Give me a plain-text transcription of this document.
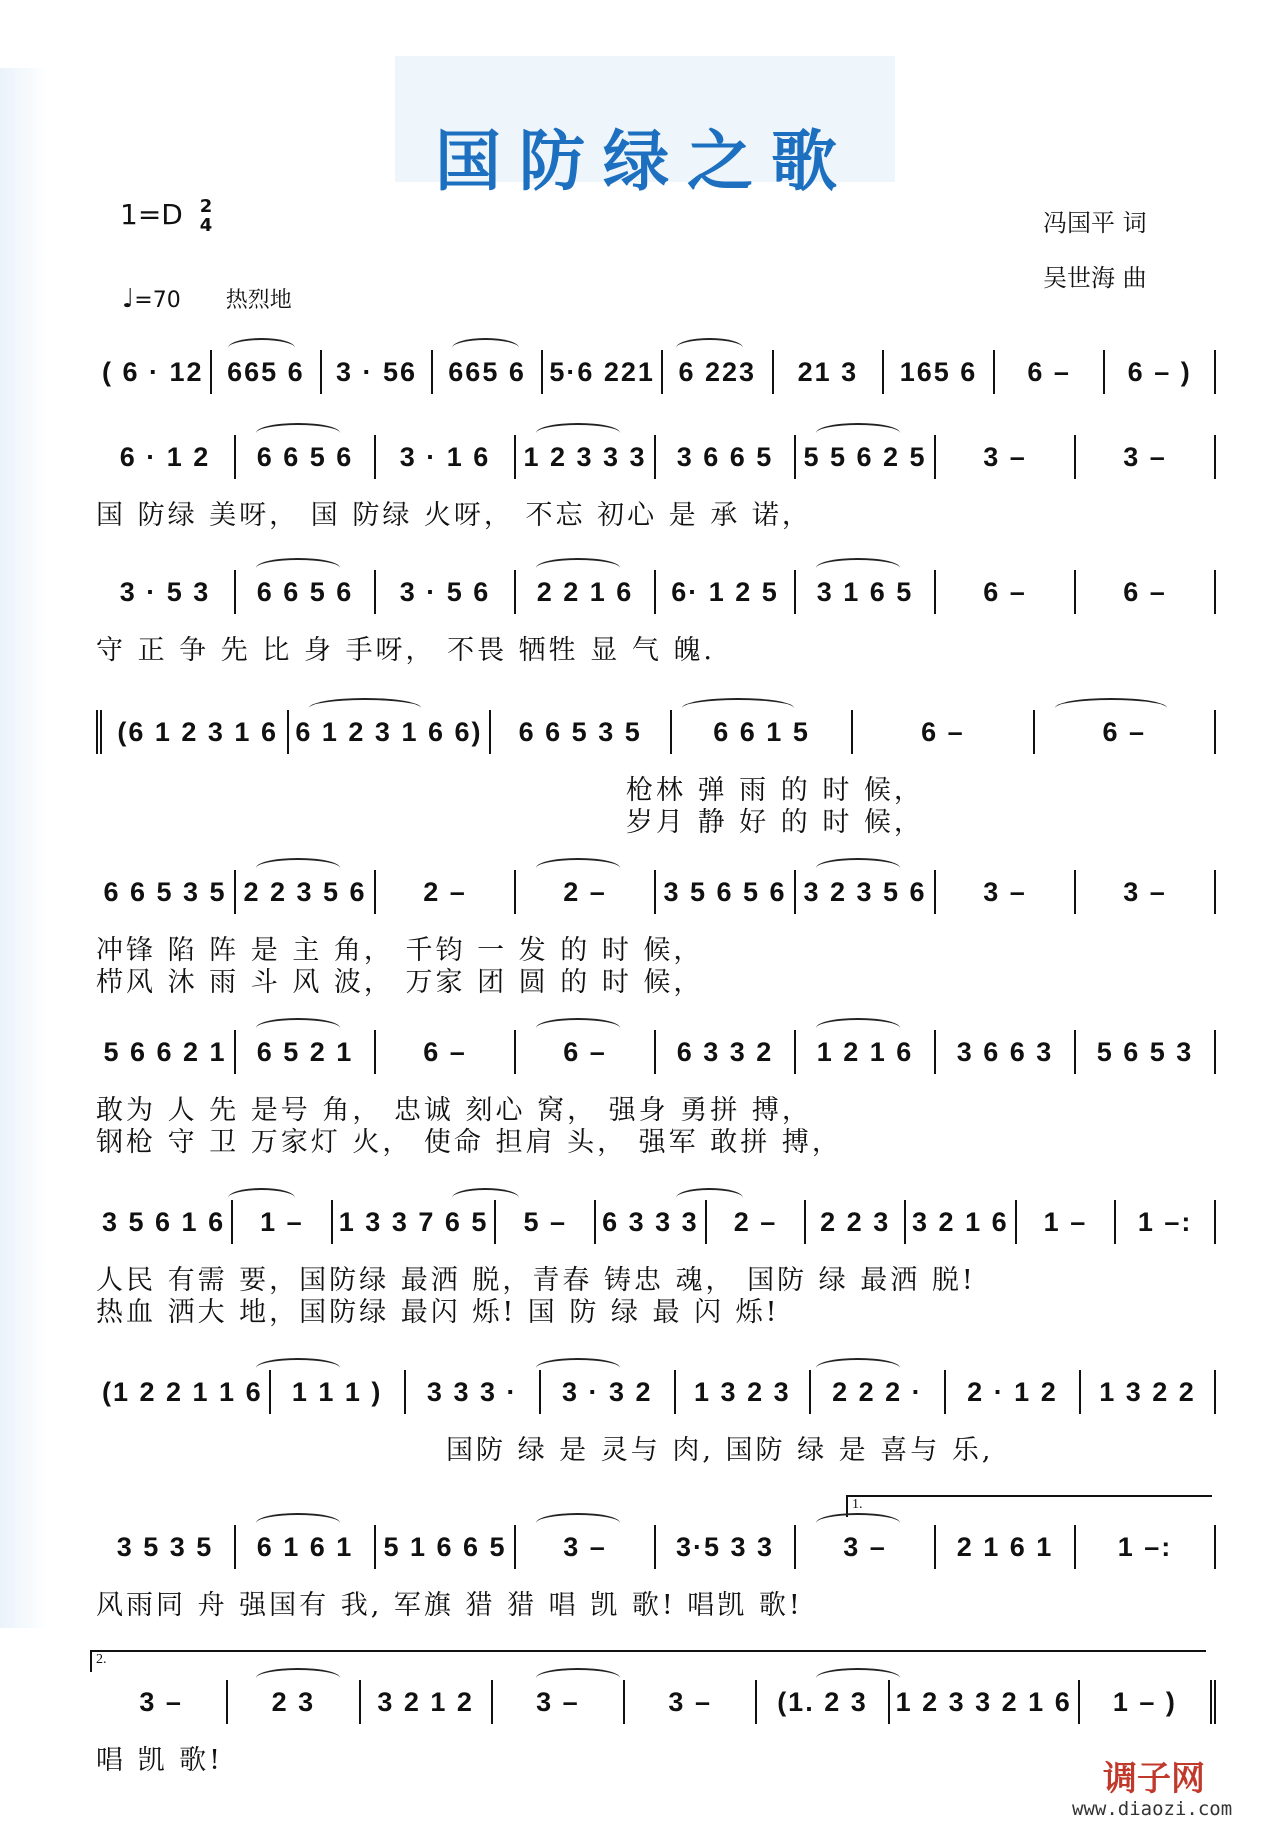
国防绿之歌
1=D 2
4
♩=70 热烈地
冯国平 词
吴世海 曲
( 6 · 12 665 6	3 · 56	665 6 5·6 221 6 223	21 3	165 6	6 –	6 – )
6 · 1 2	6 6 5 6	3 · 1 6	1 2 3 3 3	3 6 6 5	5 5 6 2 5	3 –	3 –
国 防绿 美呀， 国 防绿 火呀， 不忘 初心 是 承 诺，
3 · 5 3	6 6 5 6	3 · 5 6	2 2 1 6	6· 1 2 5	3 1 6 5	6 –	6 –
守 正 争 先 比 身 手呀， 不畏 牺牲 显 气 魄.
(6 1 2 3 1 6 6 1 2 3 1 6 6)	6 6 5 3 5	6 6 1 5	6 –	6 –
枪林 弹 雨 的 时 候，
岁月 静 好 的 时 候，
6 6 5 3 5 2 2 3 5 6	2 –	2 –	3 5 6 5 6 3 2 3 5 6	3 –	3 –
冲锋 陷 阵 是 主 角， 千钧 一 发 的 时 候，
栉风 沐 雨 斗 风 波， 万家 团 圆 的 时 候，
5 6 6 2 1	6 5 2 1	6 –	6 –	6 3 3 2	1 2 1 6	3 6 6 3	5 6 5 3
敢为 人 先 是号 角， 忠诚 刻心 窝， 强身 勇拼 搏，
钢枪 守 卫 万家灯 火， 使命 担肩 头， 强军 敢拼 搏，
3 5 6 1 6	1 –	1 3 3 7 6 5	5 –	6 3 3 3	2 –	2 2 3 3 2 1 6	1 –	1 –:
人民 有需 要，国防绿 最洒 脱，青春 铸忠 魂， 国防 绿 最洒 脱!
热血 洒大 地，国防绿 最闪 烁! 国 防 绿 最 闪 烁!
(1 2 2 1 1 6	1 1 1 )	3 3 3 ·	3 · 3 2	1 3 2 3	2 2 2 ·	2 · 1 2	1 3 2 2
国防 绿 是 灵与 肉, 国防 绿 是 喜与 乐,
1.
3 5 3 5	6 1 6 1	5 1 6 6 5	3 –	3·5 3 3	3 –	2 1 6 1	1 –:
风雨同 舟 强国有 我, 军旗 猎 猎 唱 凯 歌! 唱凯 歌!
2.
3 –	2 3	3 2 1 2	3 –	3 –	(1. 2 3	1 2 3 3 2 1 6	1 – )
唱 凯 歌!	调子网
www.diaozi.com
